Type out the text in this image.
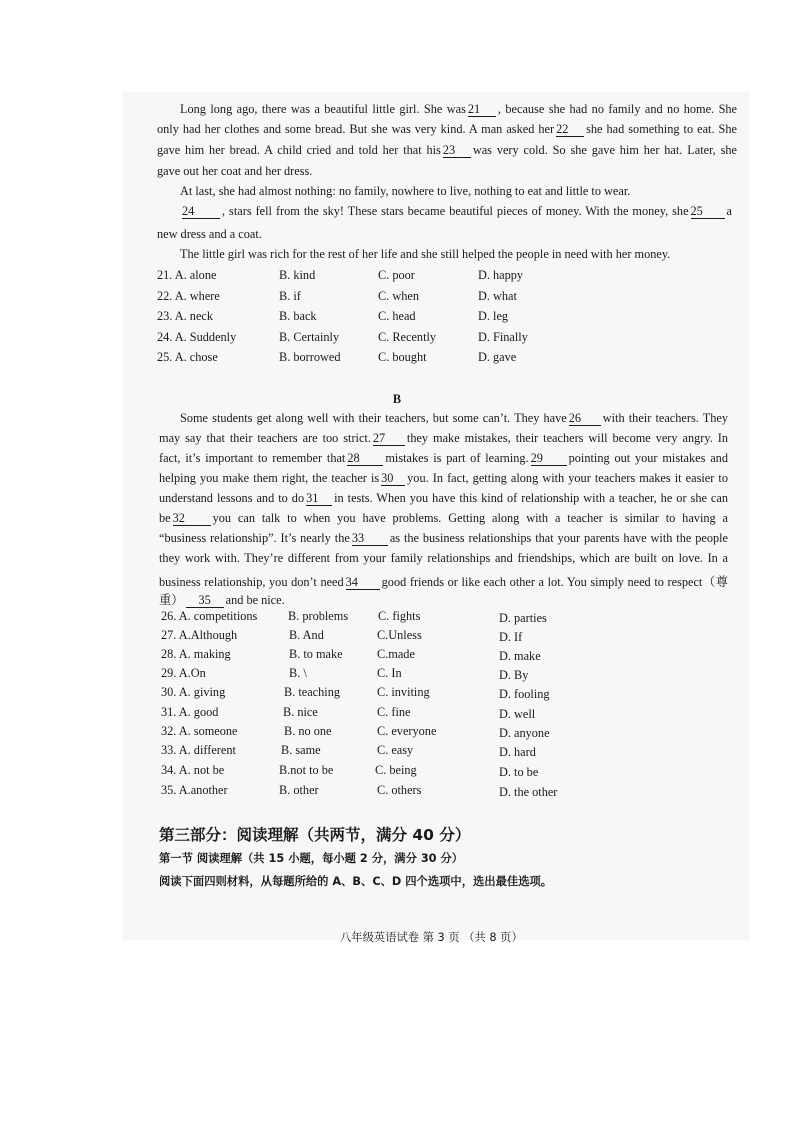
Long long ago, there was a beautiful little girl. She was 21 , because she had no family and no home. She
only had her clothes and some bread. But she was very kind. A man asked her 22 she had something to eat. She
gave him her bread. A child cried and told her that his 23 was very cold. So she gave him her hat. Later, she
gave out her coat and her dress.
At last, she had almost nothing: no family, nowhere to live, nothing to eat and little to wear.
24 , stars fell from the sky! These stars became beautiful pieces of money. With the money, she 25 a
new dress and a coat.
The little girl was rich for the rest of her life and she still helped the people in need with her money.
21. A. alone	B. kind	C. poor	D. happy
22. A. where	B. if	C. when	D. what
23. A. neck	B. back	C. head	D. leg
24. A. Suddenly	B. Certainly	C. Recently	D. Finally
25. A. chose	B. borrowed	C. bought	D. gave
B
Some students get along well with their teachers, but some can’t. They have 26 with their teachers. They
may say that their teachers are too strict. 27 they make mistakes, their teachers will become very angry. In
fact, it’s important to remember that 28 mistakes is part of learning. 29 pointing out your mistakes and
helping you make them right, the teacher is 30 you. In fact, getting along with your teachers makes it easier to
understand lessons and to do 31 in tests. When you have this kind of relationship with a teacher, he or she can
be 32 you can talk to when you have problems. Getting along with a teacher is similar to having a
“business relationship”. It’s nearly the 33 as the business relationships that your parents have with the people
they work with. They’re different from your family relationships and friendships, which are built on love. In a
business relationship, you don’t need 34 good friends or like each other a lot. You simply need to respect（尊
重） 35 and be nice.
26. A. competitions B. problems C. fights	D. parties
27. A.Although	B. And	C.Unless	D. If
28. A. making	B. to make	C.made	D. make
29. A.On	B. \	C. In	D. By
30. A. giving	B. teaching	C. inviting	D. fooling
31. A. good	B. nice	C. fine	D. well
32. A. someone	B. no one	C. everyone	D. anyone
33. A. different	B. same	C. easy	D. hard
34. A. not be	B.not to be	C. being	D. to be
35. A.another	B. other	C. others	D. the other
第三部分：阅读理解（共两节，满分 40 分）
第一节 阅读理解（共 15 小题，每小题 2 分，满分 30 分）
阅读下面四则材料，从每题所给的 A、B、C、D 四个选项中，选出最佳选项。
八年级英语试卷 第 3 页 （共 8 页）
